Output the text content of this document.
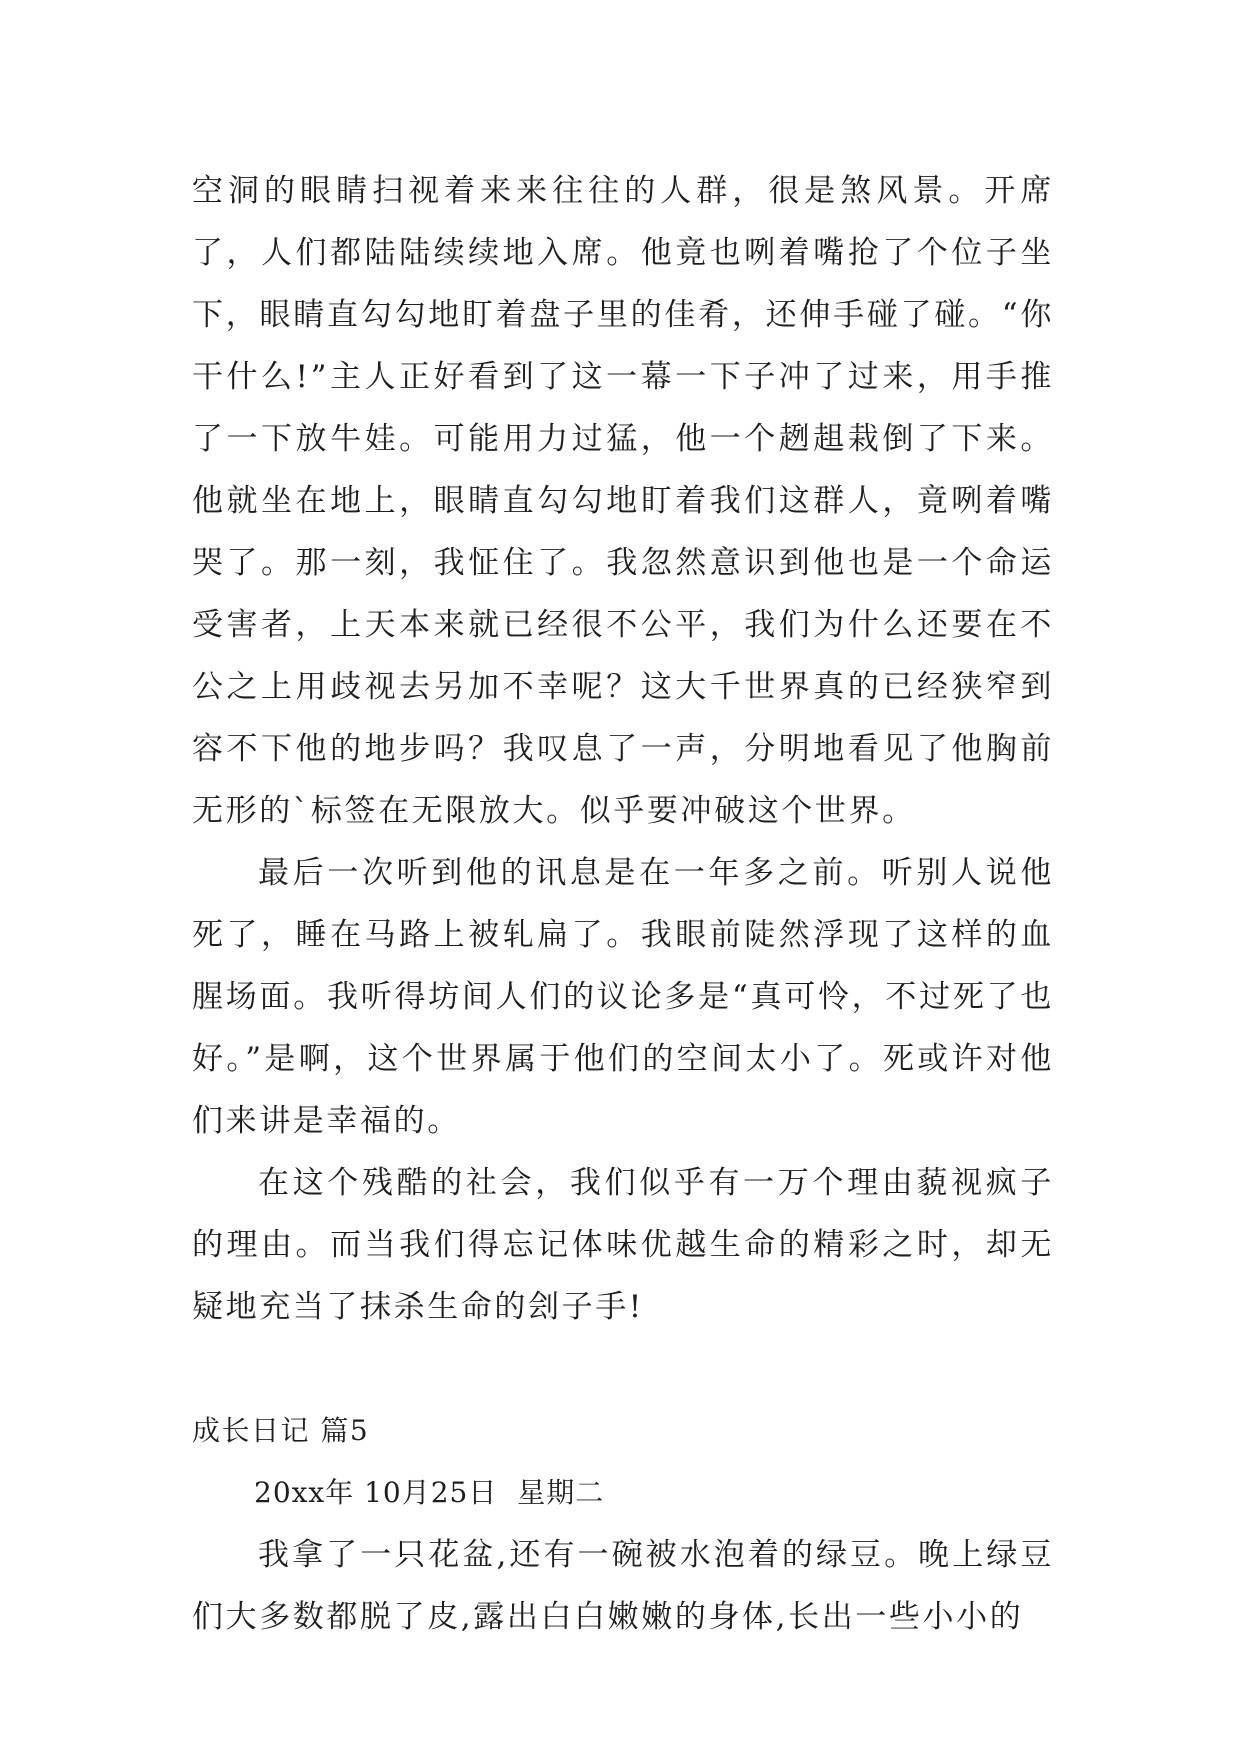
空洞的眼睛扫视着来来往往的人群，很是煞风景。开席了，人们都陆陆续续地入席。他竟也咧着嘴抢了个位子坐下，眼睛直勾勾地盯着盘子里的佳肴，还伸手碰了碰。“你干什么!”主人正好看到了这一幕一下子冲了过来，用手推了一下放牛娃。可能用力过猛，他一个趔趄栽倒了下来。他就坐在地上，眼睛直勾勾地盯着我们这群人，竟咧着嘴哭了。那一刻，我怔住了。我忽然意识到他也是一个命运受害者，上天本来就已经很不公平，我们为什么还要在不公之上用歧视去另加不幸呢？这大千世界真的已经狭窄到容不下他的地步吗？我叹息了一声，分明地看见了他胸前无形的`标签在无限放大。似乎要冲破这个世界。

最后一次听到他的讯息是在一年多之前。听别人说他死了，睡在马路上被轧扁了。我眼前陡然浮现了这样的血腥场面。我听得坊间人们的议论多是“真可怜，不过死了也好。”是啊，这个世界属于他们的空间太小了。死或许对他们来讲是幸福的。

在这个残酷的社会，我们似乎有一万个理由藐视疯子的理由。而当我们得忘记体味优越生命的精彩之时，却无疑地充当了抹杀生命的刽子手!

成长日记 篇5

20xx年 10月25日 星期二

我拿了一只花盆,还有一碗被水泡着的绿豆。晚上绿豆们大多数都脱了皮,露出白白嫩嫩的身体,长出一些小小的
